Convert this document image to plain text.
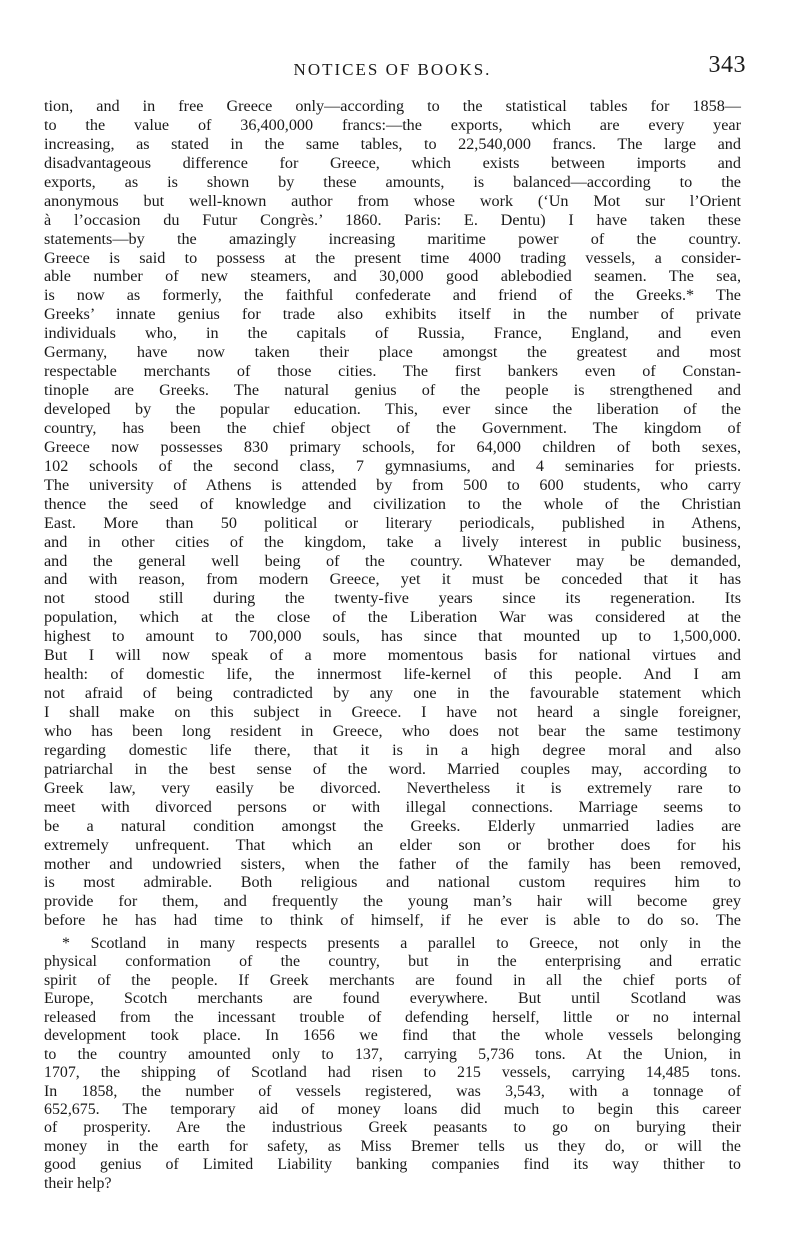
NOTICES OF BOOKS.	343
tion, and in free Greece only—according to the statistical tables for 1858—
to the value of 36,400,000 francs:—the exports, which are every year
increasing, as stated in the same tables, to 22,540,000 francs. The large and
disadvantageous difference for Greece, which exists between imports and
exports, as is shown by these amounts, is balanced—according to the
anonymous but well-known author from whose work (‘Un Mot sur l’Orient
à l’occasion du Futur Congrès.’ 1860. Paris: E. Dentu) I have taken these
statements—by the amazingly increasing maritime power of the country.
Greece is said to possess at the present time 4000 trading vessels, a consider-
able number of new steamers, and 30,000 good ablebodied seamen. The sea,
is now as formerly, the faithful confederate and friend of the Greeks.* The
Greeks’ innate genius for trade also exhibits itself in the number of private
individuals who, in the capitals of Russia, France, England, and even
Germany, have now taken their place amongst the greatest and most
respectable merchants of those cities. The first bankers even of Constan-
tinople are Greeks. The natural genius of the people is strengthened and
developed by the popular education. This, ever since the liberation of the
country, has been the chief object of the Government. The kingdom of
Greece now possesses 830 primary schools, for 64,000 children of both sexes,
102 schools of the second class, 7 gymnasiums, and 4 seminaries for priests.
The university of Athens is attended by from 500 to 600 students, who carry
thence the seed of knowledge and civilization to the whole of the Christian
East. More than 50 political or literary periodicals, published in Athens,
and in other cities of the kingdom, take a lively interest in public business,
and the general well being of the country. Whatever may be demanded,
and with reason, from modern Greece, yet it must be conceded that it has
not stood still during the twenty-five years since its regeneration. Its
population, which at the close of the Liberation War was considered at the
highest to amount to 700,000 souls, has since that mounted up to 1,500,000.
But I will now speak of a more momentous basis for national virtues and
health: of domestic life, the innermost life-kernel of this people. And I am
not afraid of being contradicted by any one in the favourable statement which
I shall make on this subject in Greece. I have not heard a single foreigner,
who has been long resident in Greece, who does not bear the same testimony
regarding domestic life there, that it is in a high degree moral and also
patriarchal in the best sense of the word. Married couples may, according to
Greek law, very easily be divorced. Nevertheless it is extremely rare to
meet with divorced persons or with illegal connections. Marriage seems to
be a natural condition amongst the Greeks. Elderly unmarried ladies are
extremely unfrequent. That which an elder son or brother does for his
mother and undowried sisters, when the father of the family has been removed,
is most admirable. Both religious and national custom requires him to
provide for them, and frequently the young man’s hair will become grey
before he has had time to think of himself, if he ever is able to do so. The
* Scotland in many respects presents a parallel to Greece, not only in the
physical conformation of the country, but in the enterprising and erratic
spirit of the people. If Greek merchants are found in all the chief ports of
Europe, Scotch merchants are found everywhere. But until Scotland was
released from the incessant trouble of defending herself, little or no internal
development took place. In 1656 we find that the whole vessels belonging
to the country amounted only to 137, carrying 5,736 tons. At the Union, in
1707, the shipping of Scotland had risen to 215 vessels, carrying 14,485 tons.
In 1858, the number of vessels registered, was 3,543, with a tonnage of
652,675. The temporary aid of money loans did much to begin this career
of prosperity. Are the industrious Greek peasants to go on burying their
money in the earth for safety, as Miss Bremer tells us they do, or will the
good genius of Limited Liability banking companies find its way thither to
their help?
